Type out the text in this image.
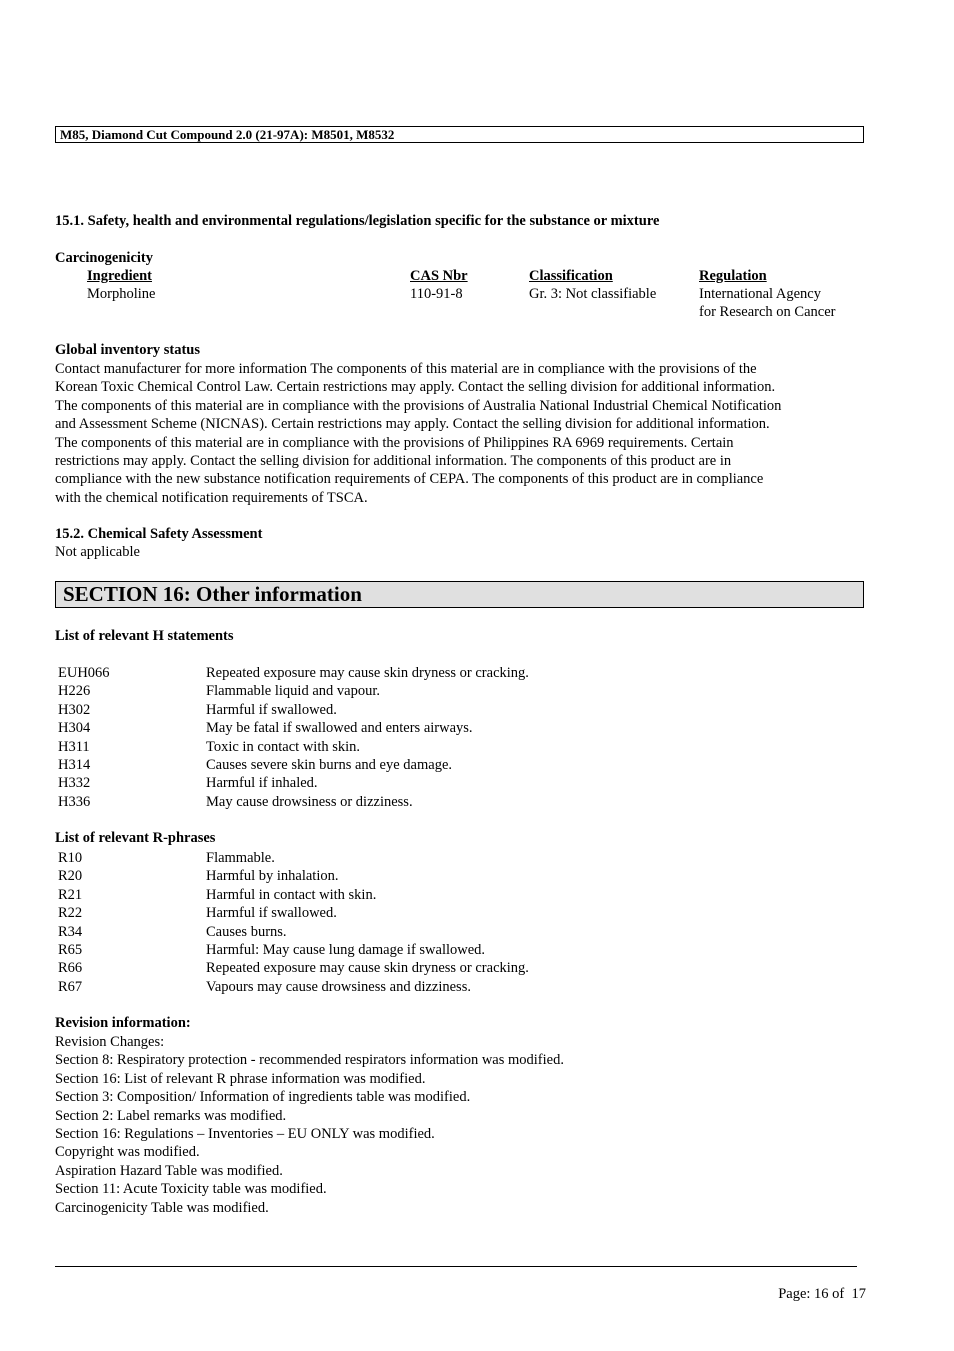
M85, Diamond Cut Compound 2.0 (21-97A): M8501, M8532
15.1. Safety, health and environmental regulations/legislation specific for the substance or mixture
Carcinogenicity
Ingredient	CAS Nbr	Classification	Regulation
Morpholine	110-91-8	Gr. 3: Not classifiable	International Agency
for Research on Cancer
Global inventory status
Contact manufacturer for more information The components of this material are in compliance with the provisions of the
Korean Toxic Chemical Control Law. Certain restrictions may apply. Contact the selling division for additional information.
The components of this material are in compliance with the provisions of Australia National Industrial Chemical Notification
and Assessment Scheme (NICNAS). Certain restrictions may apply. Contact the selling division for additional information.
The components of this material are in compliance with the provisions of Philippines RA 6969 requirements. Certain
restrictions may apply. Contact the selling division for additional information. The components of this product are in
compliance with the new substance notification requirements of CEPA. The components of this product are in compliance
with the chemical notification requirements of TSCA.
15.2. Chemical Safety Assessment
Not applicable
SECTION 16: Other information
List of relevant H statements
EUH066	Repeated exposure may cause skin dryness or cracking.
H226	Flammable liquid and vapour.
H302	Harmful if swallowed.
H304	May be fatal if swallowed and enters airways.
H311	Toxic in contact with skin.
H314	Causes severe skin burns and eye damage.
H332	Harmful if inhaled.
H336	May cause drowsiness or dizziness.
List of relevant R-phrases
R10	Flammable.
R20	Harmful by inhalation.
R21	Harmful in contact with skin.
R22	Harmful if swallowed.
R34	Causes burns.
R65	Harmful: May cause lung damage if swallowed.
R66	Repeated exposure may cause skin dryness or cracking.
R67	Vapours may cause drowsiness and dizziness.
Revision information:
Revision Changes:
Section 8: Respiratory protection - recommended respirators information was modified.
Section 16: List of relevant R phrase information was modified.
Section 3: Composition/ Information of ingredients table was modified.
Section 2: Label remarks was modified.
Section 16: Regulations – Inventories – EU ONLY was modified.
Copyright was modified.
Aspiration Hazard Table was modified.
Section 11: Acute Toxicity table was modified.
Carcinogenicity Table was modified.
Page: 16 of  17
